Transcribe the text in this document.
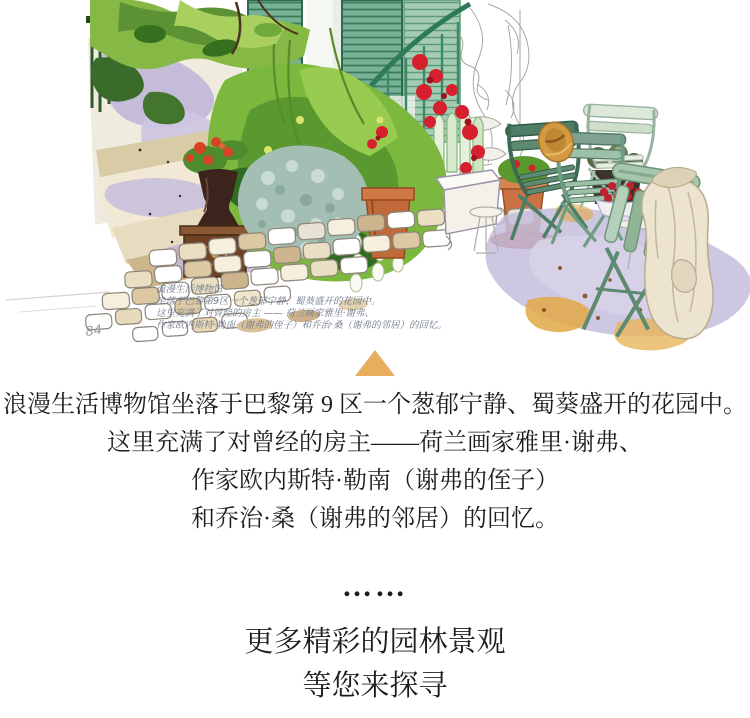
浪漫生活博物馆
坐落于巴黎第9区一个葱郁宁静、蜀葵盛开的花园中。
这里充满了对曾经的房主 —— 荷兰画家雅里·谢弗、
作家欧内斯特·勒南（谢弗的侄子）和乔治·桑（谢弗的邻居）的回忆。
84
浪漫生活博物馆坐落于巴黎第 9 区一个葱郁宁静、蜀葵盛开的花园中。
这里充满了对曾经的房主——荷兰画家雅里·谢弗、
作家欧内斯特·勒南（谢弗的侄子）
和乔治·桑（谢弗的邻居）的回忆。
……
更多精彩的园林景观
等您来探寻
